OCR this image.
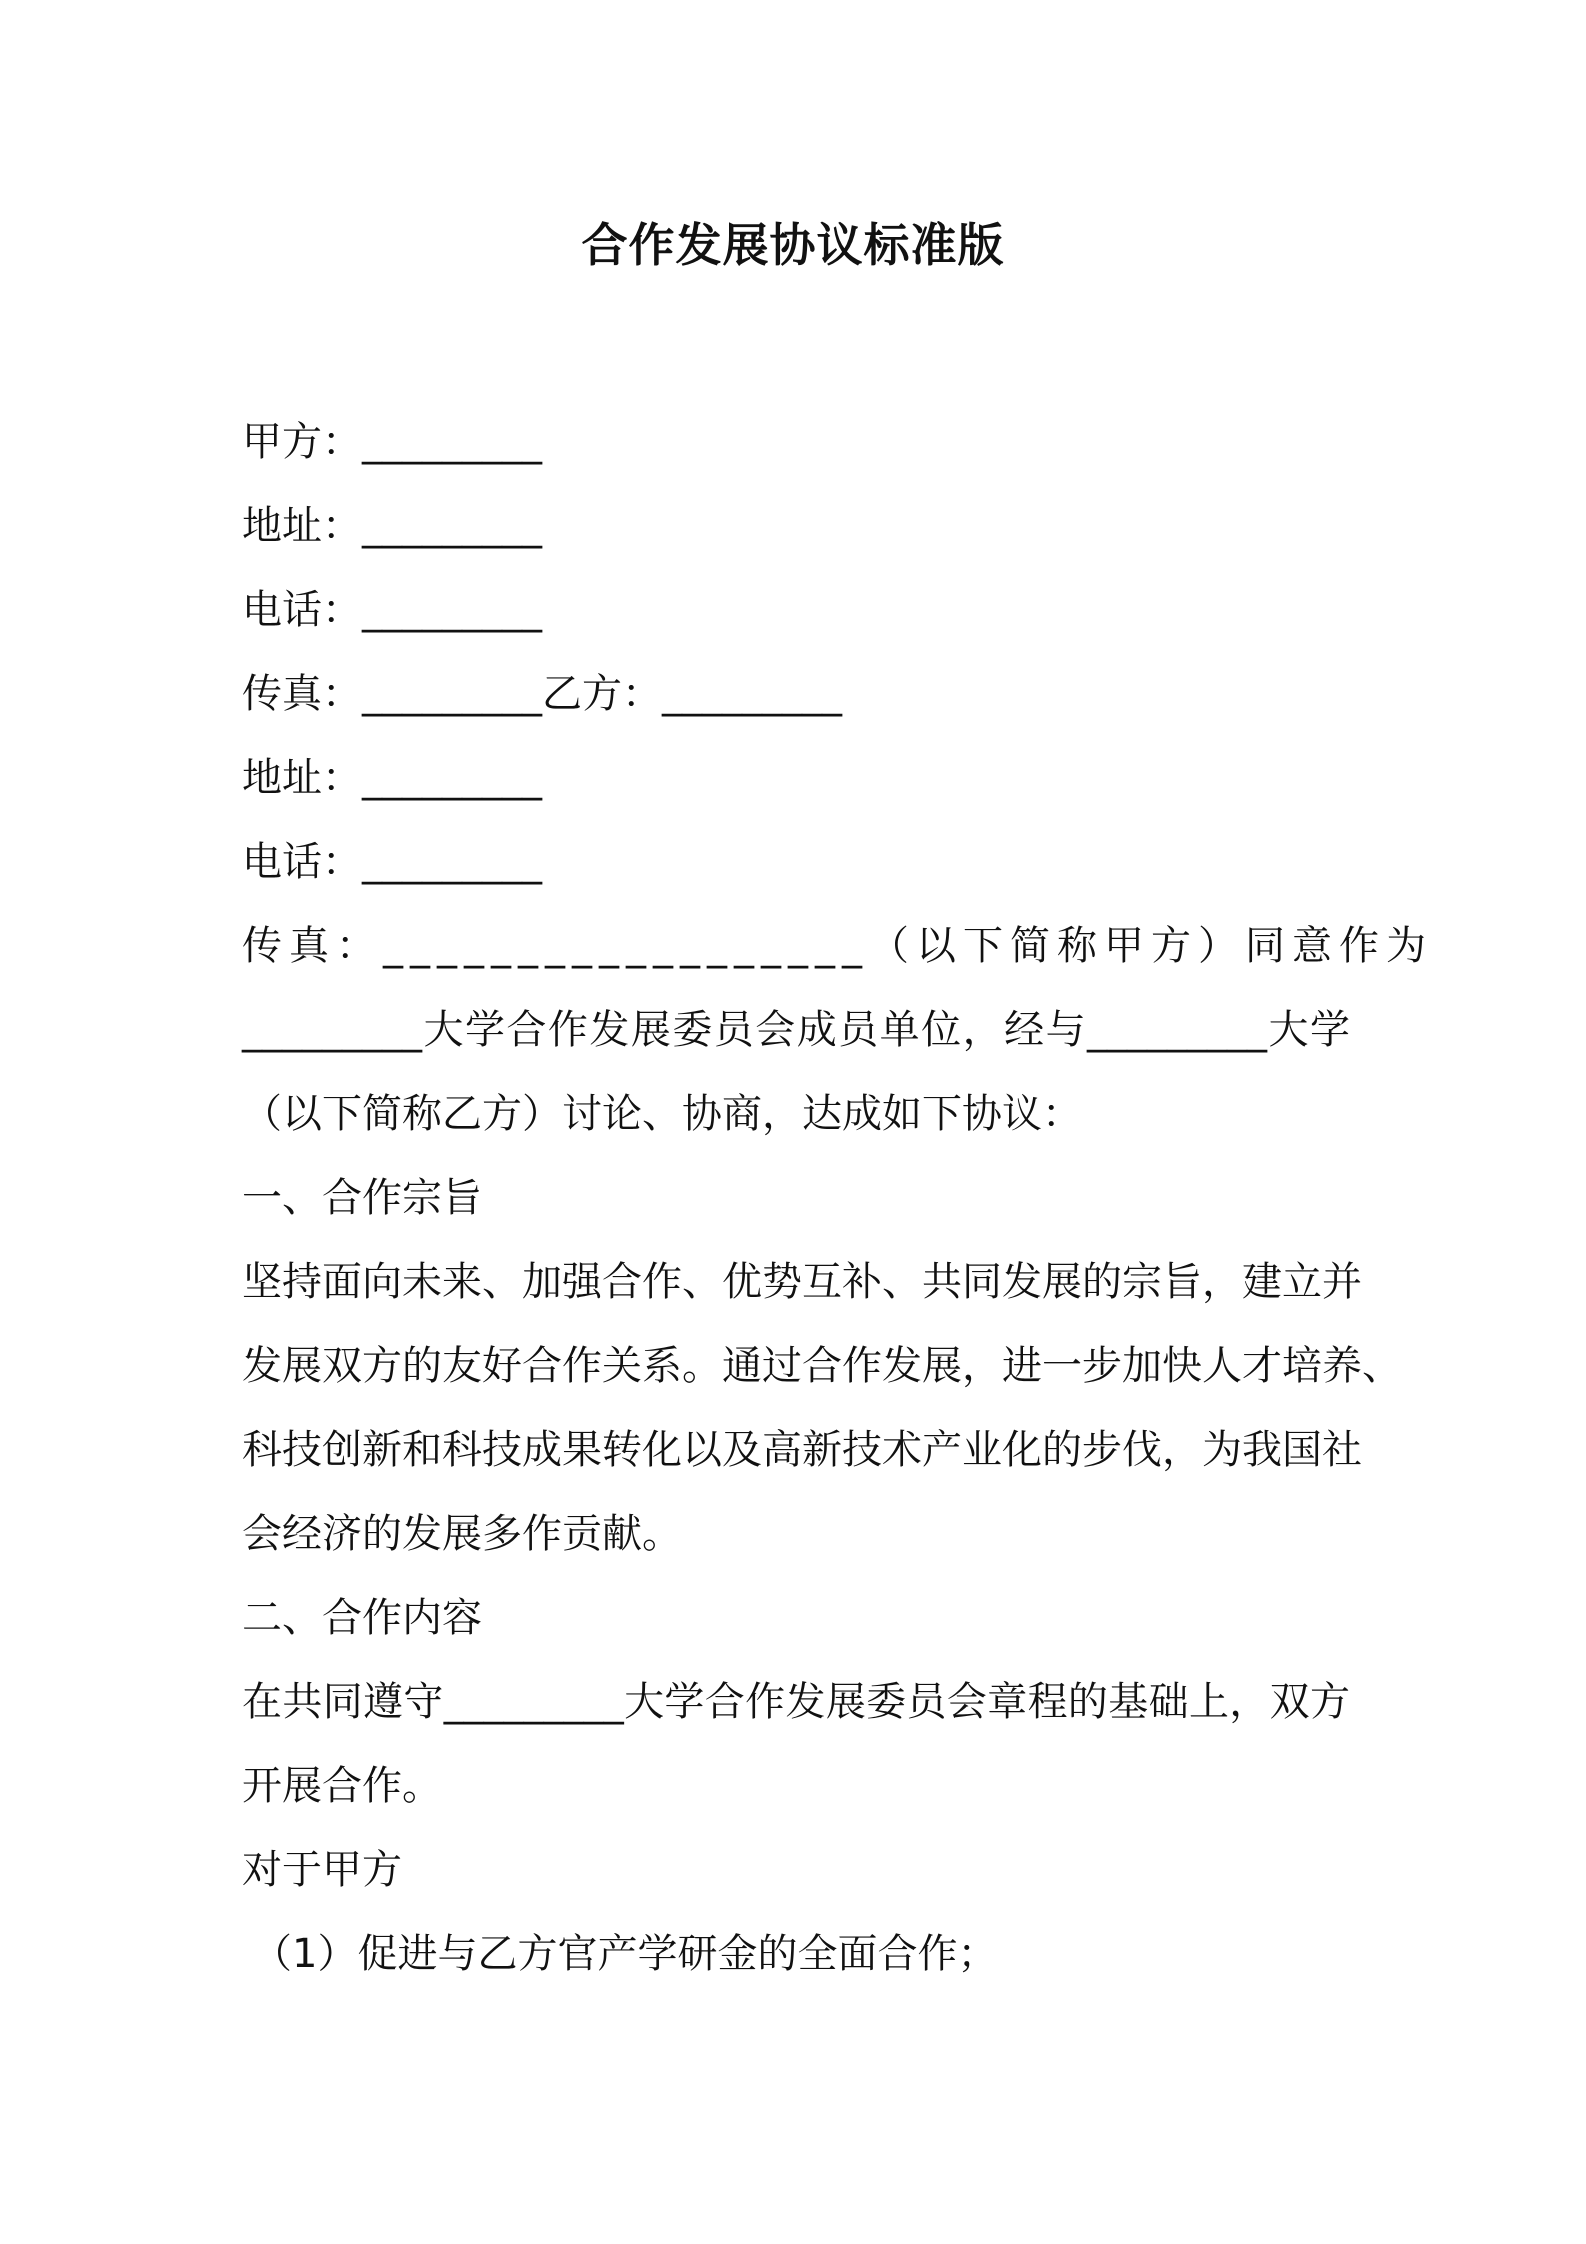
合作发展协议标准版
甲方：_________
地址：_________
电话：_________
传真：_________乙方：_________
地址：_________
电话：_________
传真：__________________（以下简称甲方）同意作为
_________大学合作发展委员会成员单位，经与_________大学
（以下简称乙方）讨论、协商，达成如下协议：
一、合作宗旨
坚持面向未来、加强合作、优势互补、共同发展的宗旨，建立并
发展双方的友好合作关系。通过合作发展，进一步加快人才培养、
科技创新和科技成果转化以及高新技术产业化的步伐，为我国社
会经济的发展多作贡献。
二、合作内容
在共同遵守_________大学合作发展委员会章程的基础上，双方
开展合作。
对于甲方
（1）促进与乙方官产学研金的全面合作；
